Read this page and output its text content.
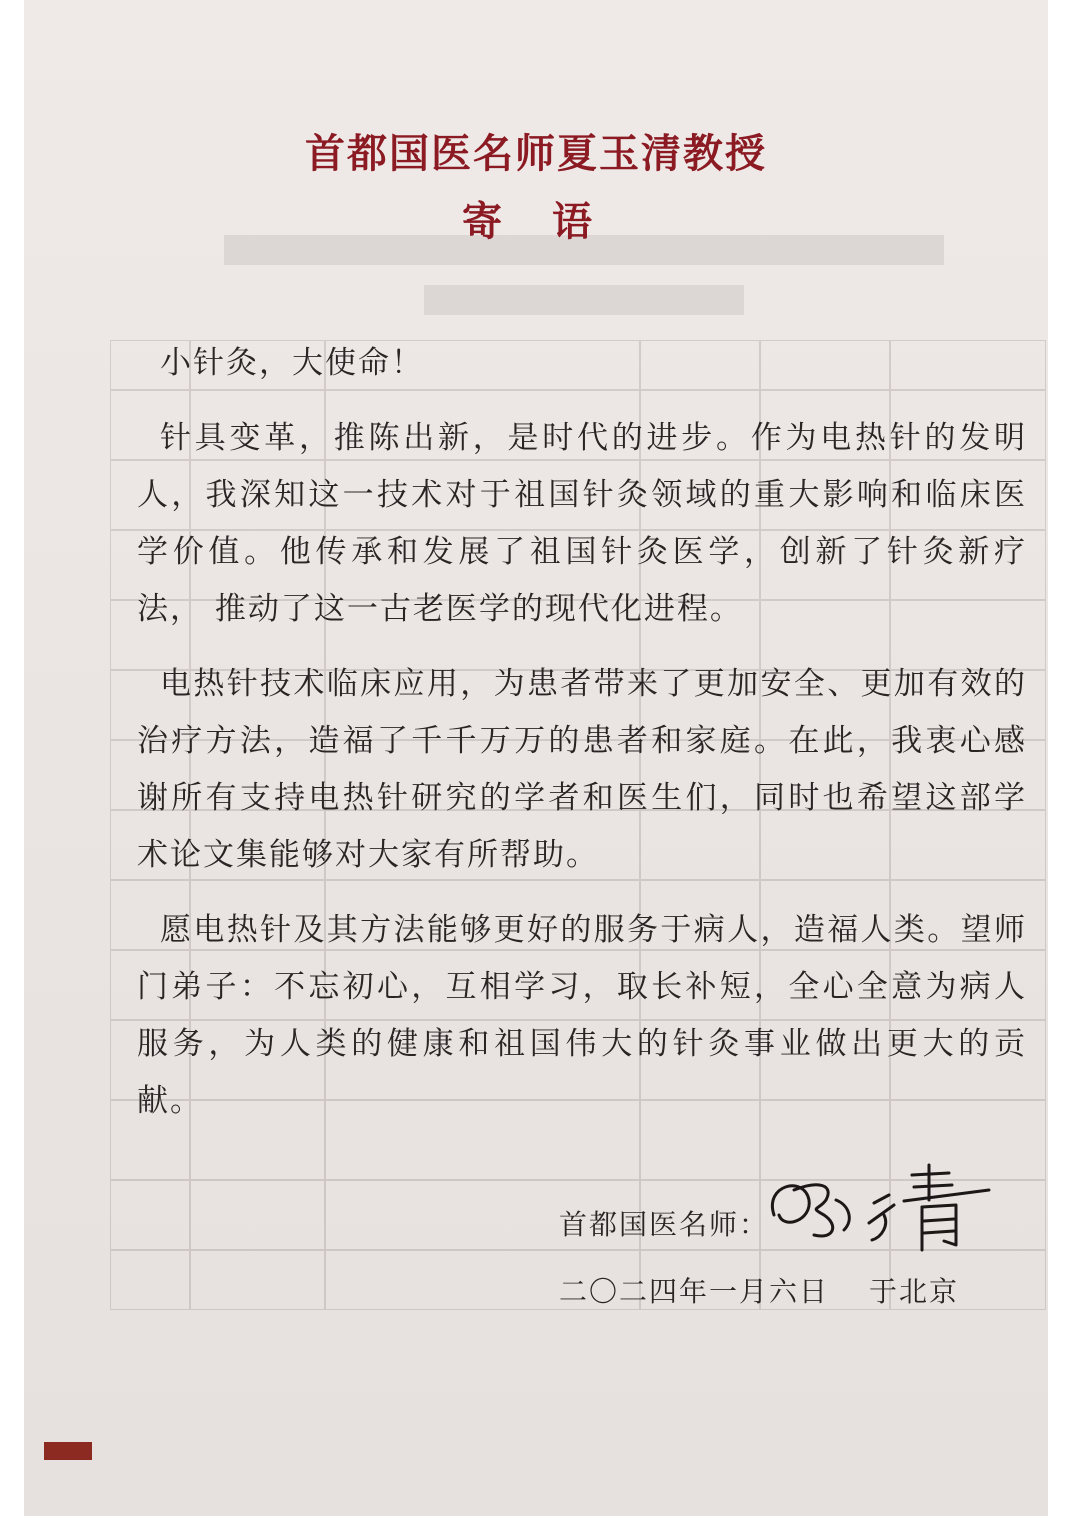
首都国医名师夏玉清教授
寄 语

小针灸，大使命！

针具变革，推陈出新，是时代的进步。作为电热针的发明人，我深知这一技术对于祖国针灸领域的重大影响和临床医学价值。他传承和发展了祖国针灸医学，创新了针灸新疗法， 推动了这一古老医学的现代化进程。

电热针技术临床应用，为患者带来了更加安全、更加有效的治疗方法，造福了千千万万的患者和家庭。在此，我衷心感谢所有支持电热针研究的学者和医生们，同时也希望这部学术论文集能够对大家有所帮助。

愿电热针及其方法能够更好的服务于病人，造福人类。望师门弟子：不忘初心，互相学习，取长补短，全心全意为病人服务，为人类的健康和祖国伟大的针灸事业做出更大的贡献。

首都国医名师：
二〇二四年一月六日 于北京
